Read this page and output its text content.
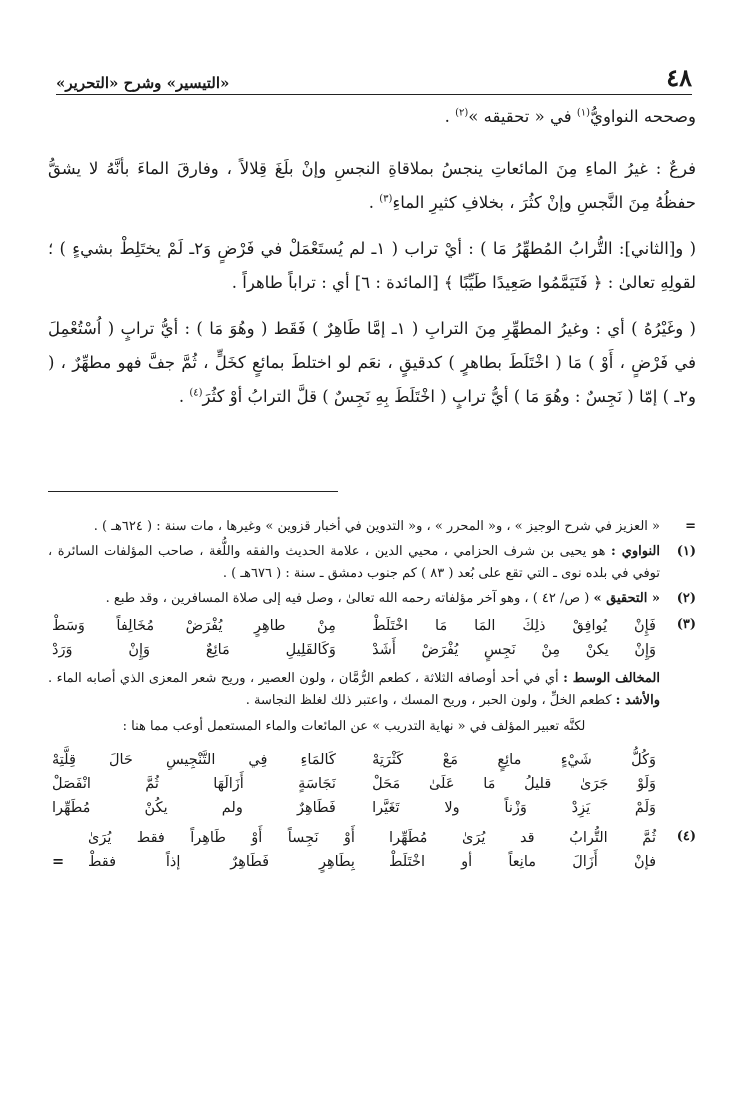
٤٨
«التيسير» وشرح «التحرير»

وصححه النواويُّ$^{(١)}$ في « تحقيقه »$^{(٢)}$ .

فرعٌ : غيرُ الماءِ مِنَ المائعاتِ ينجسُ بملاقاةِ النجسِ وإنْ بلَغَ قِلالاً ، وفارقَ الماءَ بأنَّهُ لا يشقُّ حفظُهُ مِنَ النَّجسِ وإنْ كثُرَ ، بخلافِ كثيرِ الماءِ$^{(٣)}$ .

( و[الثاني]: التُّرابُ المُطهِّرُ مَا ) : أيْ تراب ( ١ـ لم يُستَعْمَلْ في فَرْضٍ وَ٢ـ لَمْ يختَلِطْ بشيءٍ ) ؛ لقولِهِ تعالىٰ : ﴿ فَتَيَمَّمُوا صَعِيدًا طَيِّبًا ﴾ [المائدة : ٦] أي : تراباً طاهراً .

( وغَيْرُهُ ) أي : وغيرُ المطهِّرِ مِنَ الترابِ ( ١ـ إمَّا طَاهِرٌ ) فَقَط ( وهُوَ مَا ) : أيُّ ترابٍ ( اُسْتُعْمِلَ في فَرْضٍ ، أَوْ ) مَا ( اخْتَلَطَ بطاهرٍ ) كدقيقٍ ، نعَم لو اختلطَ بمائعٍ كخَلٍّ ، ثُمَّ جفَّ فهو مطهِّرٌ ، ( و٢ـ ) إمّا ( نَجِسٌ : وهُوَ مَا ) أيُّ ترابٍ ( اخْتَلَطَ بِهِ نَجِسٌ ) قلَّ الترابُ أوْ كثُرَ$^{(٤)}$ .

=
« العزيز في شرح الوجيز » ، و« المحرر » ، و« التدوين في أخبار قزوين » وغيرها ، مات سنة : ( ٦٢٤هـ ) .
(١)
النواوي : هو يحيى بن شرف الحزامي ، محيي الدين ، علامة الحديث والفقه واللُّغة ، صاحب المؤلفات السائرة ، توفي في بلده نوى ـ التي تقع على بُعد ( ٨٣ ) كم جنوب دمشق ـ سنة : ( ٦٧٦هـ ) .
(٢)
« التحقيق » ( ص/ ٤٢ ) ، وهو آخر مؤلفاته رحمه الله تعالىٰ ، وصل فيه إلى صلاة المسافرين ، وقد طبع .
(٣)
فَإِنْ يُوافِقْ ذلِكَ المَا مَا اخْتَلَطْ
مِنْ طاهِرٍ يُفْرَضْ مُخَالِفاً وَسَطْ
وَإِنْ يكنْ مِنْ نَجِسٍ يُفْرَضْ أَشَدْ
وَكَالقَلِيلِ مَائِعٌ وَإِنْ وَرَدْ
المخالف الوسط : أي في أحد أوصافه الثلاثة ، كطعم الرُّمَّان ، ولون العصير ، وريح شعر المعزى الذي أصابه الماء . والأشد : كطعم الخلِّ ، ولون الحبر ، وريح المسك ، واعتبر ذلك لغلظ النجاسة .
لكنَّه تعبير المؤلف في « نهاية التدريب » عن المائعات والماء المستعمل أوعب مما هنا :
وَكُلُّ شَيْءٍ مائِعٍ مَعْ كَثْرَتِهْ
كَالمَاءِ فِي التَّنْجِيسِ حَالَ قِلَّتِهْ
وَلَوْ جَرَىٰ قليلُ مَا عَلَىٰ مَحَلْ
نَجَاسَةٍ أَزَالَهَا ثُمَّ انْفَصَلْ
وَلَمْ يَزِدْ وَزْناً ولا تَغَيَّرا
فَطَاهِرٌ ولم يكُنْ مُطَهِّرا
(٤)
ثُمَّ التُّرابُ قد يُرَىٰ مُطَهِّرا
أَوْ نَجِساً أَوْ طَاهِراً فقط يُرَىٰ
فإنْ أَزَالَ مانِعاً أو اخْتَلَطْ
بِطَاهِرٍ فَطَاهِرٌ إذاً فقطْ
=
